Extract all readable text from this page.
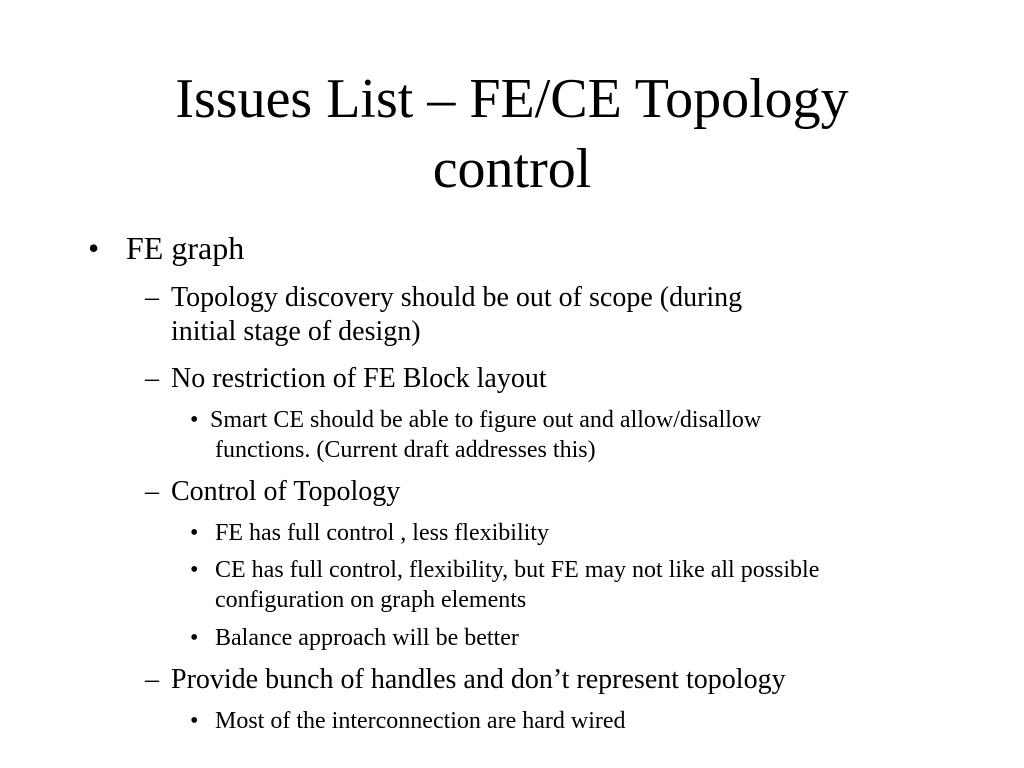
Issues List – FE/CE Topology
control
• FE graph
– Topology discovery should be out of scope (during
initial stage of design)
– No restriction of FE Block layout
• Smart CE should be able to figure out and allow/disallow
functions. (Current draft addresses this)
– Control of Topology
• FE has full control , less flexibility
• CE has full control, flexibility, but FE may not like all possible
configuration on graph elements
• Balance approach will be better
– Provide bunch of handles and don’t represent topology
• Most of the interconnection are hard wired
